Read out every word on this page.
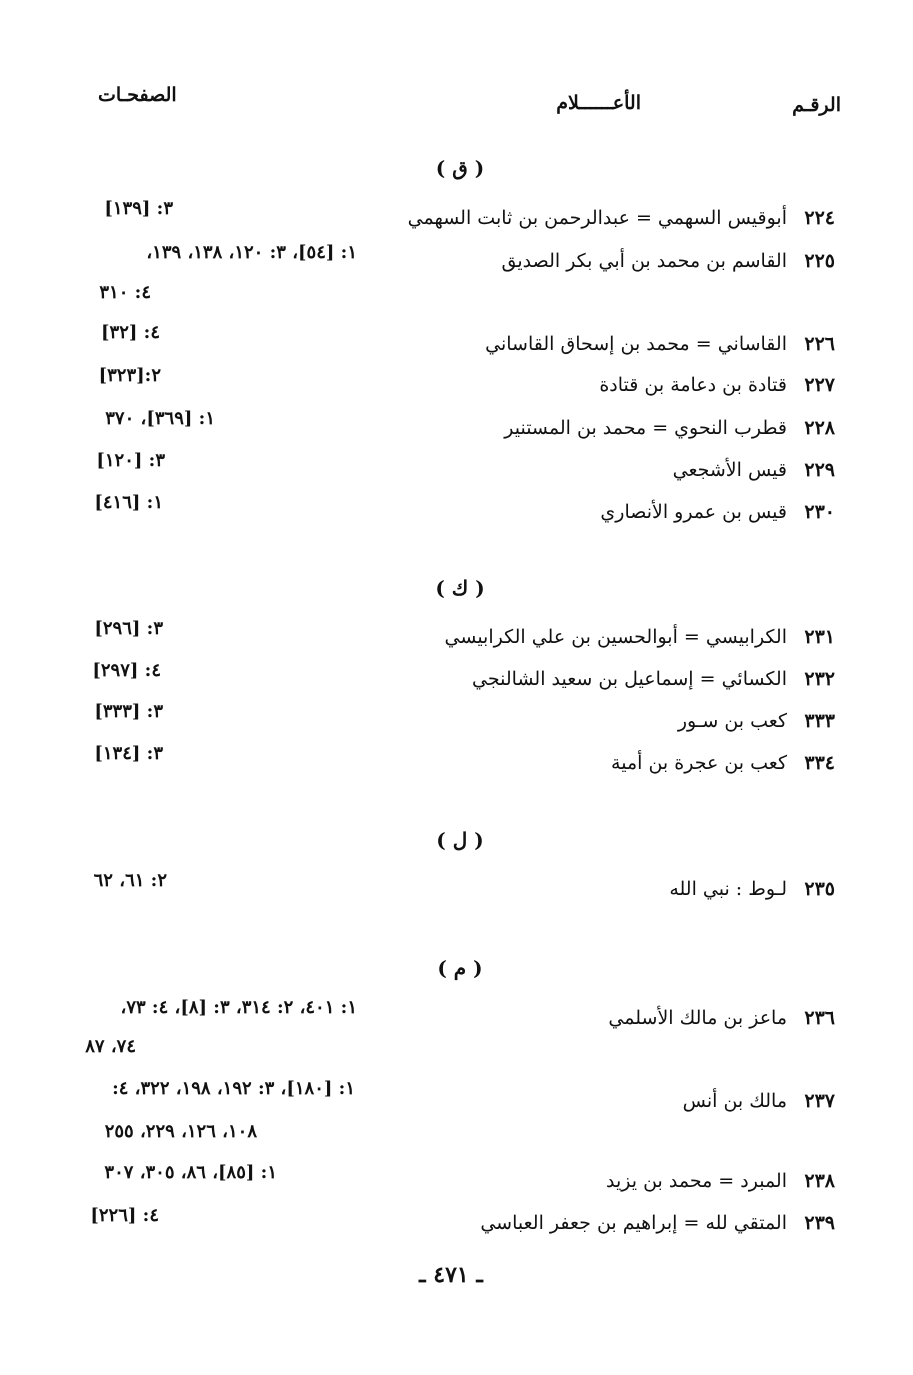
الرقـم
الأعــــــلام
الصفحـات
( ق )
٢٢٤أبوقيس السهمي = عبدالرحمن بن ثابت السهمي
٢٢٥القاسم بن محمد بن أبي بكر الصديق
٢٢٦القاساني = محمد بن إسحاق القاساني
٢٢٧قتادة بن دعامة بن قتادة
٢٢٨قطرب النحوي = محمد بن المستنير
٢٢٩قيس الأشجعي
٢٣٠قيس بن عمرو الأنصاري
٣: [١٣٩]
١: [٥٤]، ٣: ١٢٠، ١٣٨، ١٣٩،
٤: ٣١٠
٤: [٣٢]
٢:[٣٢٣]
١: [٣٦٩]، ٣٧٠
٣: [١٢٠]
١: [٤١٦]
( ك )
٢٣١الكرابيسي = أبوالحسين بن علي الكرابيسي
٢٣٢الكسائي = إسماعيل بن سعيد الشالنجي
٣٣٣كعب بن سـور
٣٣٤كعب بن عجرة بن أمية
٣: [٢٩٦]
٤: [٢٩٧]
٣: [٣٣٣]
٣: [١٣٤]
( ل )
٢٣٥لـوط : نبي الله
٢: ٦١، ٦٢
( م )
٢٣٦ماعز بن مالك الأسلمي
٢٣٧مالك بن أنس
٢٣٨المبرد = محمد بن يزيد
٢٣٩المتقي لله = إبراهيم بن جعفر العباسي
١: ٤٠١، ٢: ٣١٤، ٣: [٨]، ٤: ٧٣،
٧٤، ٨٧
١: [١٨٠]، ٣: ١٩٢، ١٩٨، ٣٢٢، ٤:
١٠٨، ١٢٦، ٢٢٩، ٢٥٥
١: [٨٥]، ٨٦، ٣٠٥، ٣٠٧
٤: [٢٢٦]
ـ ٤٧١ ـ
